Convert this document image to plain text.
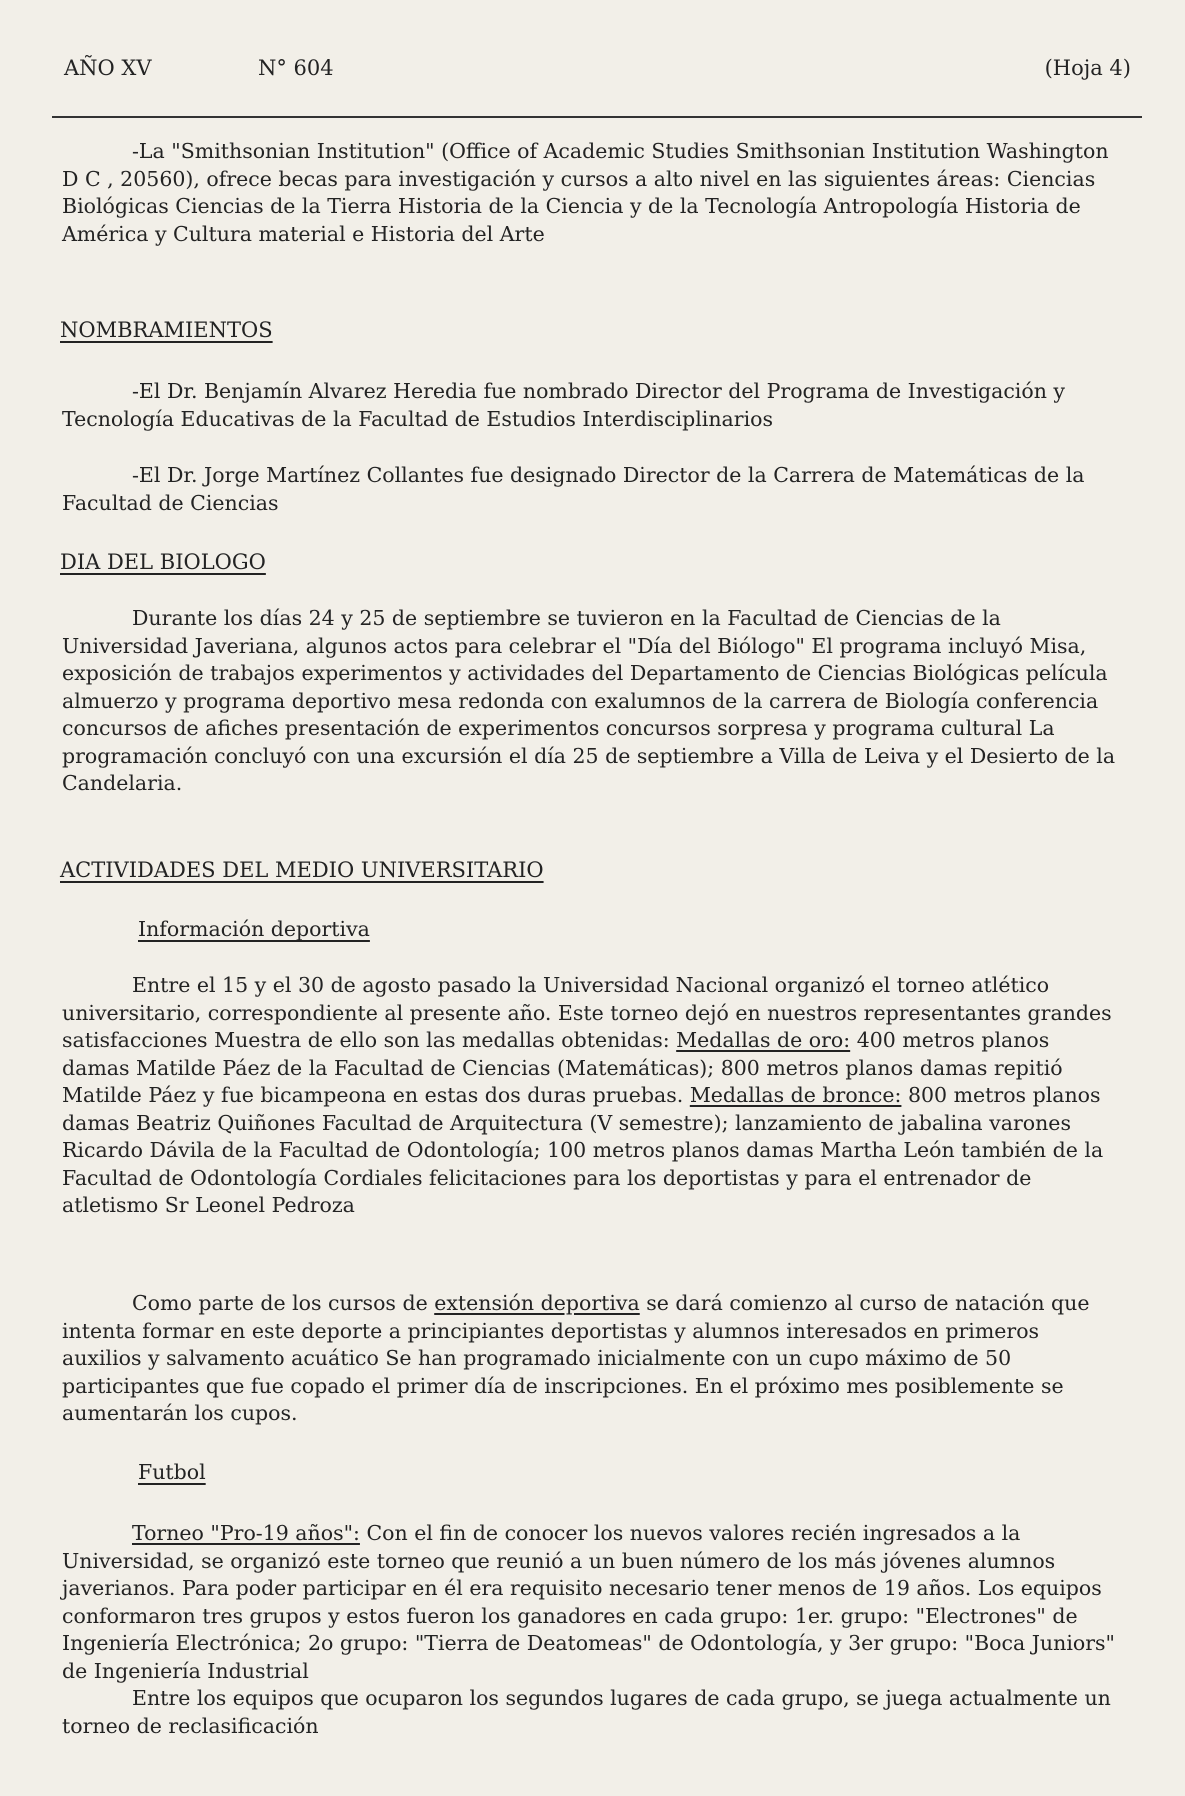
AÑO XV	N° 604	(Hoja 4)

-La "Smithsonian Institution" (Office of Academic Studies Smithsonian Institution Washington D C , 20560), ofrece becas para investigación y cursos a alto nivel en las siguientes áreas: Ciencias Biológicas Ciencias de la Tierra Historia de la Ciencia y de la Tecnología Antropología Historia de América y Cultura material e Historia del Arte

NOMBRAMIENTOS

-El Dr. Benjamín Alvarez Heredia fue nombrado Director del Programa de Investigación y Tecnología Educativas de la Facultad de Estudios Interdisciplinarios

-El Dr. Jorge Martínez Collantes fue designado Director de la Carrera de Matemáticas de la Facultad de Ciencias

DIA DEL BIOLOGO

Durante los días 24 y 25 de septiembre se tuvieron en la Facultad de Ciencias de la Universidad Javeriana, algunos actos para celebrar el "Día del Biólogo" El programa incluyó Misa, exposición de trabajos experimentos y actividades del Departamento de Ciencias Biológicas película almuerzo y programa deportivo mesa redonda con exalumnos de la carrera de Biología conferencia concursos de afiches presentación de experimentos concursos sorpresa y programa cultural La programación concluyó con una excursión el día 25 de septiembre a Villa de Leiva y el Desierto de la Candelaria.

ACTIVIDADES DEL MEDIO UNIVERSITARIO
Información deportiva

Entre el 15 y el 30 de agosto pasado la Universidad Nacional organizó el torneo atlético universitario, correspondiente al presente año. Este torneo dejó en nuestros representantes grandes satisfacciones Muestra de ello son las medallas obtenidas: Medallas de oro: 400 metros planos damas Matilde Páez de la Facultad de Ciencias (Matemáticas); 800 metros planos damas repitió Matilde Páez y fue bicampeona en estas dos duras pruebas. Medallas de bronce: 800 metros planos damas Beatriz Quiñones Facultad de Arquitectura (V semestre); lanzamiento de jabalina varones Ricardo Dávila de la Facultad de Odontología; 100 metros planos damas Martha León también de la Facultad de Odontología Cordiales felicitaciones para los deportistas y para el entrenador de atletismo Sr Leonel Pedroza

Como parte de los cursos de extensión deportiva se dará comienzo al curso de natación que intenta formar en este deporte a principiantes deportistas y alumnos interesados en primeros auxilios y salvamento acuático Se han programado inicialmente con un cupo máximo de 50 participantes que fue copado el primer día de inscripciones. En el próximo mes posiblemente se aumentarán los cupos.

Futbol

Torneo "Pro-19 años": Con el fin de conocer los nuevos valores recién ingresados a la Universidad, se organizó este torneo que reunió a un buen número de los más jóvenes alumnos javerianos. Para poder participar en él era requisito necesario tener menos de 19 años. Los equipos conformaron tres grupos y estos fueron los ganadores en cada grupo: 1er. grupo: "Electrones" de Ingeniería Electrónica; 2o grupo: "Tierra de Deatomeas" de Odontología, y 3er grupo: "Boca Juniors" de Ingeniería Industrial

Entre los equipos que ocuparon los segundos lugares de cada grupo, se juega actualmente un torneo de reclasificación
